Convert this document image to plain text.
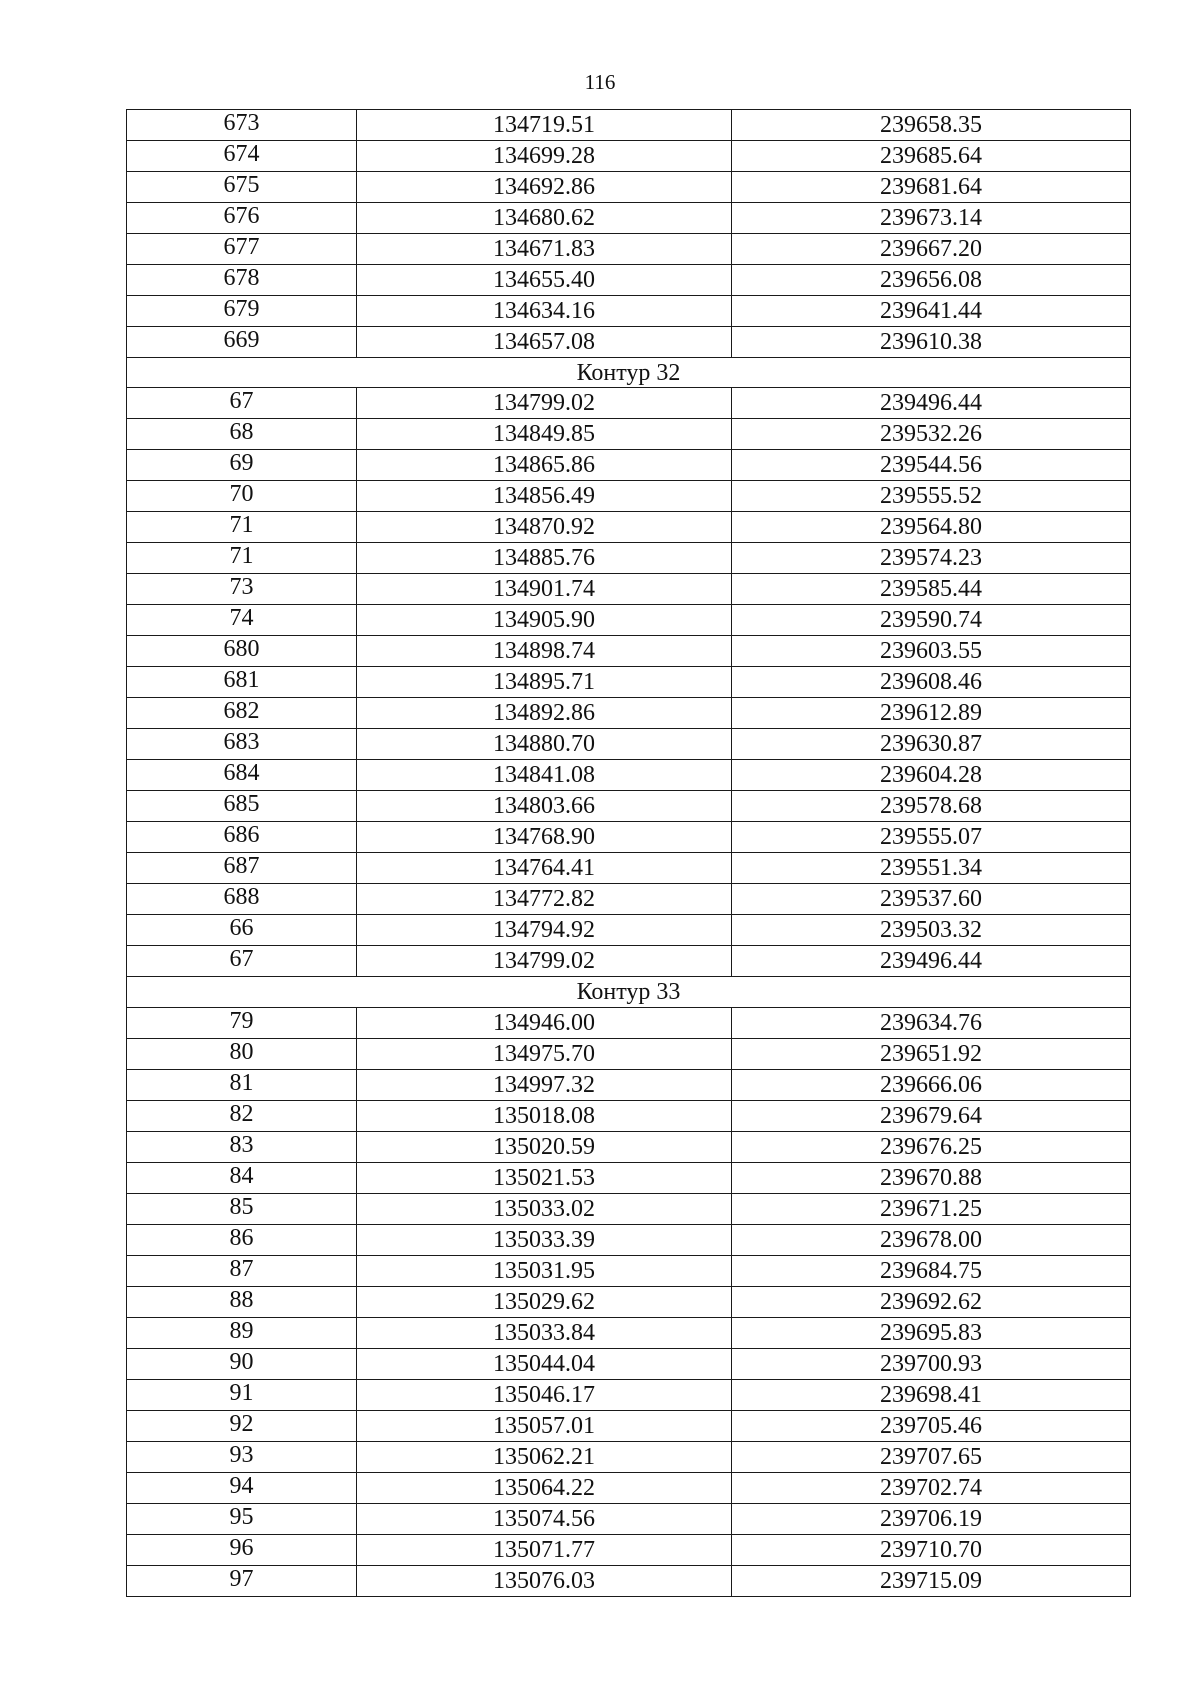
116
673	134719.51	239658.35
674	134699.28	239685.64
675	134692.86	239681.64
676	134680.62	239673.14
677	134671.83	239667.20
678	134655.40	239656.08
679	134634.16	239641.44
669	134657.08	239610.38
Контур 32		
67	134799.02	239496.44
68	134849.85	239532.26
69	134865.86	239544.56
70	134856.49	239555.52
71	134870.92	239564.80
71	134885.76	239574.23
73	134901.74	239585.44
74	134905.90	239590.74
680	134898.74	239603.55
681	134895.71	239608.46
682	134892.86	239612.89
683	134880.70	239630.87
684	134841.08	239604.28
685	134803.66	239578.68
686	134768.90	239555.07
687	134764.41	239551.34
688	134772.82	239537.60
66	134794.92	239503.32
67	134799.02	239496.44
Контур 33		
79	134946.00	239634.76
80	134975.70	239651.92
81	134997.32	239666.06
82	135018.08	239679.64
83	135020.59	239676.25
84	135021.53	239670.88
85	135033.02	239671.25
86	135033.39	239678.00
87	135031.95	239684.75
88	135029.62	239692.62
89	135033.84	239695.83
90	135044.04	239700.93
91	135046.17	239698.41
92	135057.01	239705.46
93	135062.21	239707.65
94	135064.22	239702.74
95	135074.56	239706.19
96	135071.77	239710.70
97	135076.03	239715.09
